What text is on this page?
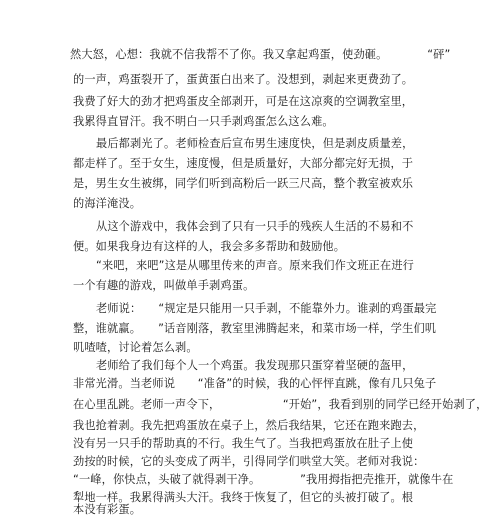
然大怒，心想：我就不信我帮不了你。我又拿起鸡蛋，使劲砸。　　　　“砰”
的一声，鸡蛋裂开了，蛋黄蛋白出来了。没想到，剥起来更费劲了。
我费了好大的劲才把鸡蛋皮全部剥开，可是在这凉爽的空调教室里，
我累得直冒汗。我不明白一只手剥鸡蛋怎么这么难。
最后都剥光了。老师检查后宣布男生速度快，但是剥皮质量差，
都走样了。至于女生，速度慢，但是质量好，大部分都完好无损，于
是，男生女生被绑，同学们听到高粉后一跃三尺高，整个教室被欢乐
的海洋淹没。
从这个游戏中，我体会到了只有一只手的残疾人生活的不易和不
便。如果我身边有这样的人，我会多多帮助和鼓励他。
“来吧，来吧”这是从哪里传来的声音。原来我们作文班正在进行
一个有趣的游戏，叫做单手剥鸡蛋。
老师说：　　“规定是只能用一只手剥，不能靠外力。谁剥的鸡蛋最完
整，谁就赢。　　”话音刚落，教室里沸腾起来，和菜市场一样，学生们叽
叽喳喳，讨论着怎么剥。
老师给了我们每个人一个鸡蛋。我发现那只蛋穿着坚硬的盔甲，
非常光滑。当老师说　　“准备”的时候，我的心怦怦直跳，像有几只兔子
在心里乱跳。老师一声令下，　　　　　　“开始”，我看到别的同学已经开始剥了，
我也抢着剥。我先把鸡蛋放在桌子上，然后我结果，它还在跑来跑去，
没有另一只手的帮助真的不行。我生气了。当我把鸡蛋放在肚子上使
劲按的时候，它的头变成了两半，引得同学们哄堂大笑。老师对我说：
“一峰，你快点，头破了就得剥干净。　　　　”我用拇指把壳推开，就像牛在
犁地一样。我累得满头大汗。我终于恢复了，但它的头被打破了。根
本没有彩蛋。
